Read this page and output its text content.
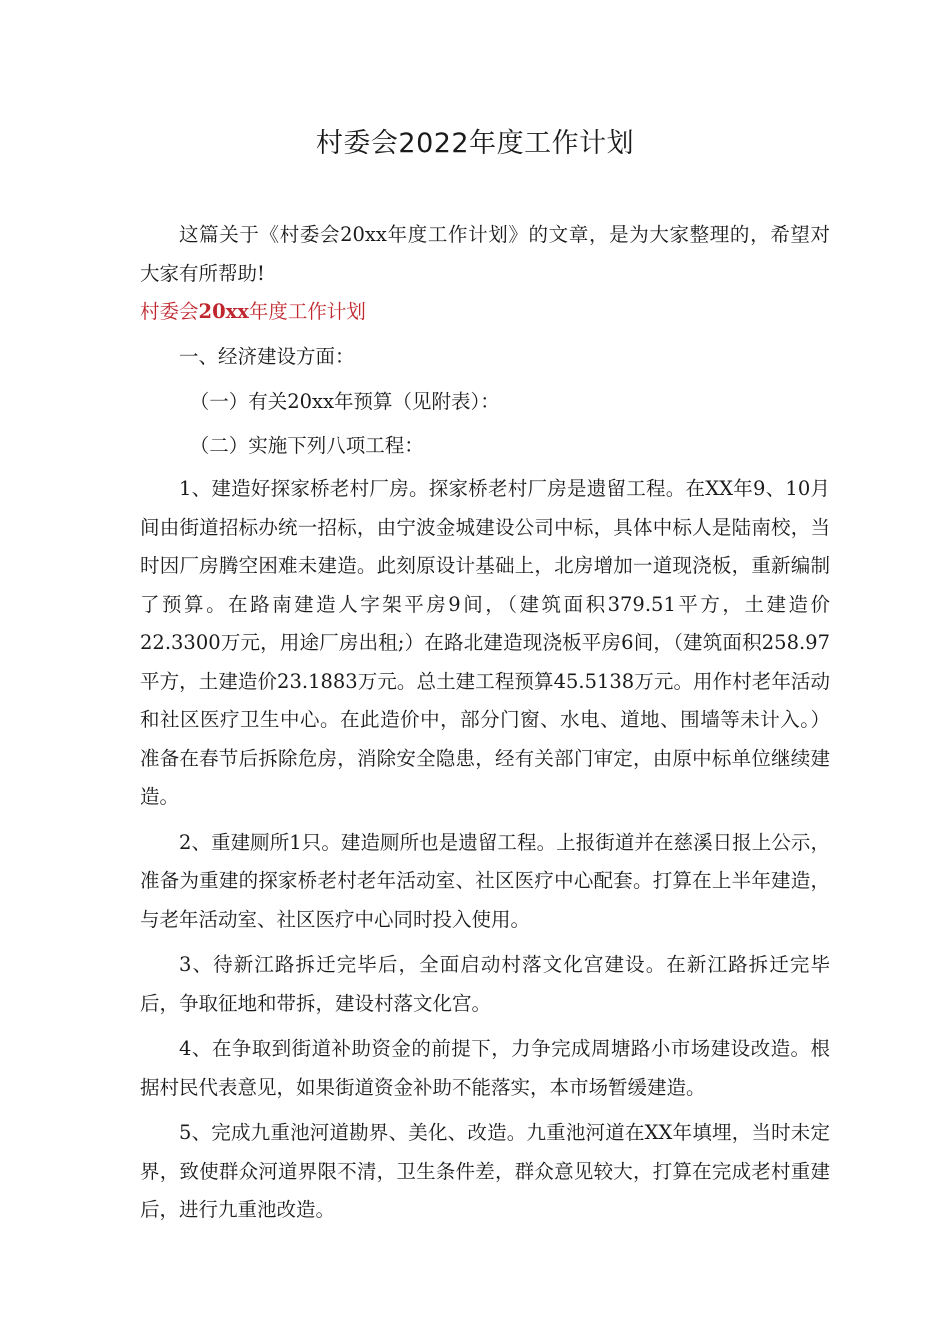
村委会2022年度工作计划

这篇关于《村委会20xx年度工作计划》的文章，是为大家整理的，希望对大家有所帮助!

村委会20xx年度工作计划

一、经济建设方面：

（一）有关20xx年预算（见附表）：

（二）实施下列八项工程：

1、建造好探家桥老村厂房。探家桥老村厂房是遗留工程。在XX年9、10月间由街道招标办统一招标，由宁波金城建设公司中标，具体中标人是陆南校，当时因厂房腾空困难未建造。此刻原设计基础上，北房增加一道现浇板，重新编制了预算。在路南建造人字架平房9间，（建筑面积379.51平方，土建造价22.3300万元，用途厂房出租;）在路北建造现浇板平房6间，（建筑面积258.97平方，土建造价23.1883万元。总土建工程预算45.5138万元。用作村老年活动和社区医疗卫生中心。在此造价中，部分门窗、水电、道地、围墙等未计入。）准备在春节后拆除危房，消除安全隐患，经有关部门审定，由原中标单位继续建造。

2、重建厕所1只。建造厕所也是遗留工程。上报街道并在慈溪日报上公示，准备为重建的探家桥老村老年活动室、社区医疗中心配套。打算在上半年建造，与老年活动室、社区医疗中心同时投入使用。

3、待新江路拆迁完毕后，全面启动村落文化宫建设。在新江路拆迁完毕后，争取征地和带拆，建设村落文化宫。

4、在争取到街道补助资金的前提下，力争完成周塘路小市场建设改造。根据村民代表意见，如果街道资金补助不能落实，本市场暂缓建造。

5、完成九重池河道勘界、美化、改造。九重池河道在XX年填埋，当时未定界，致使群众河道界限不清，卫生条件差，群众意见较大，打算在完成老村重建后，进行九重池改造。
